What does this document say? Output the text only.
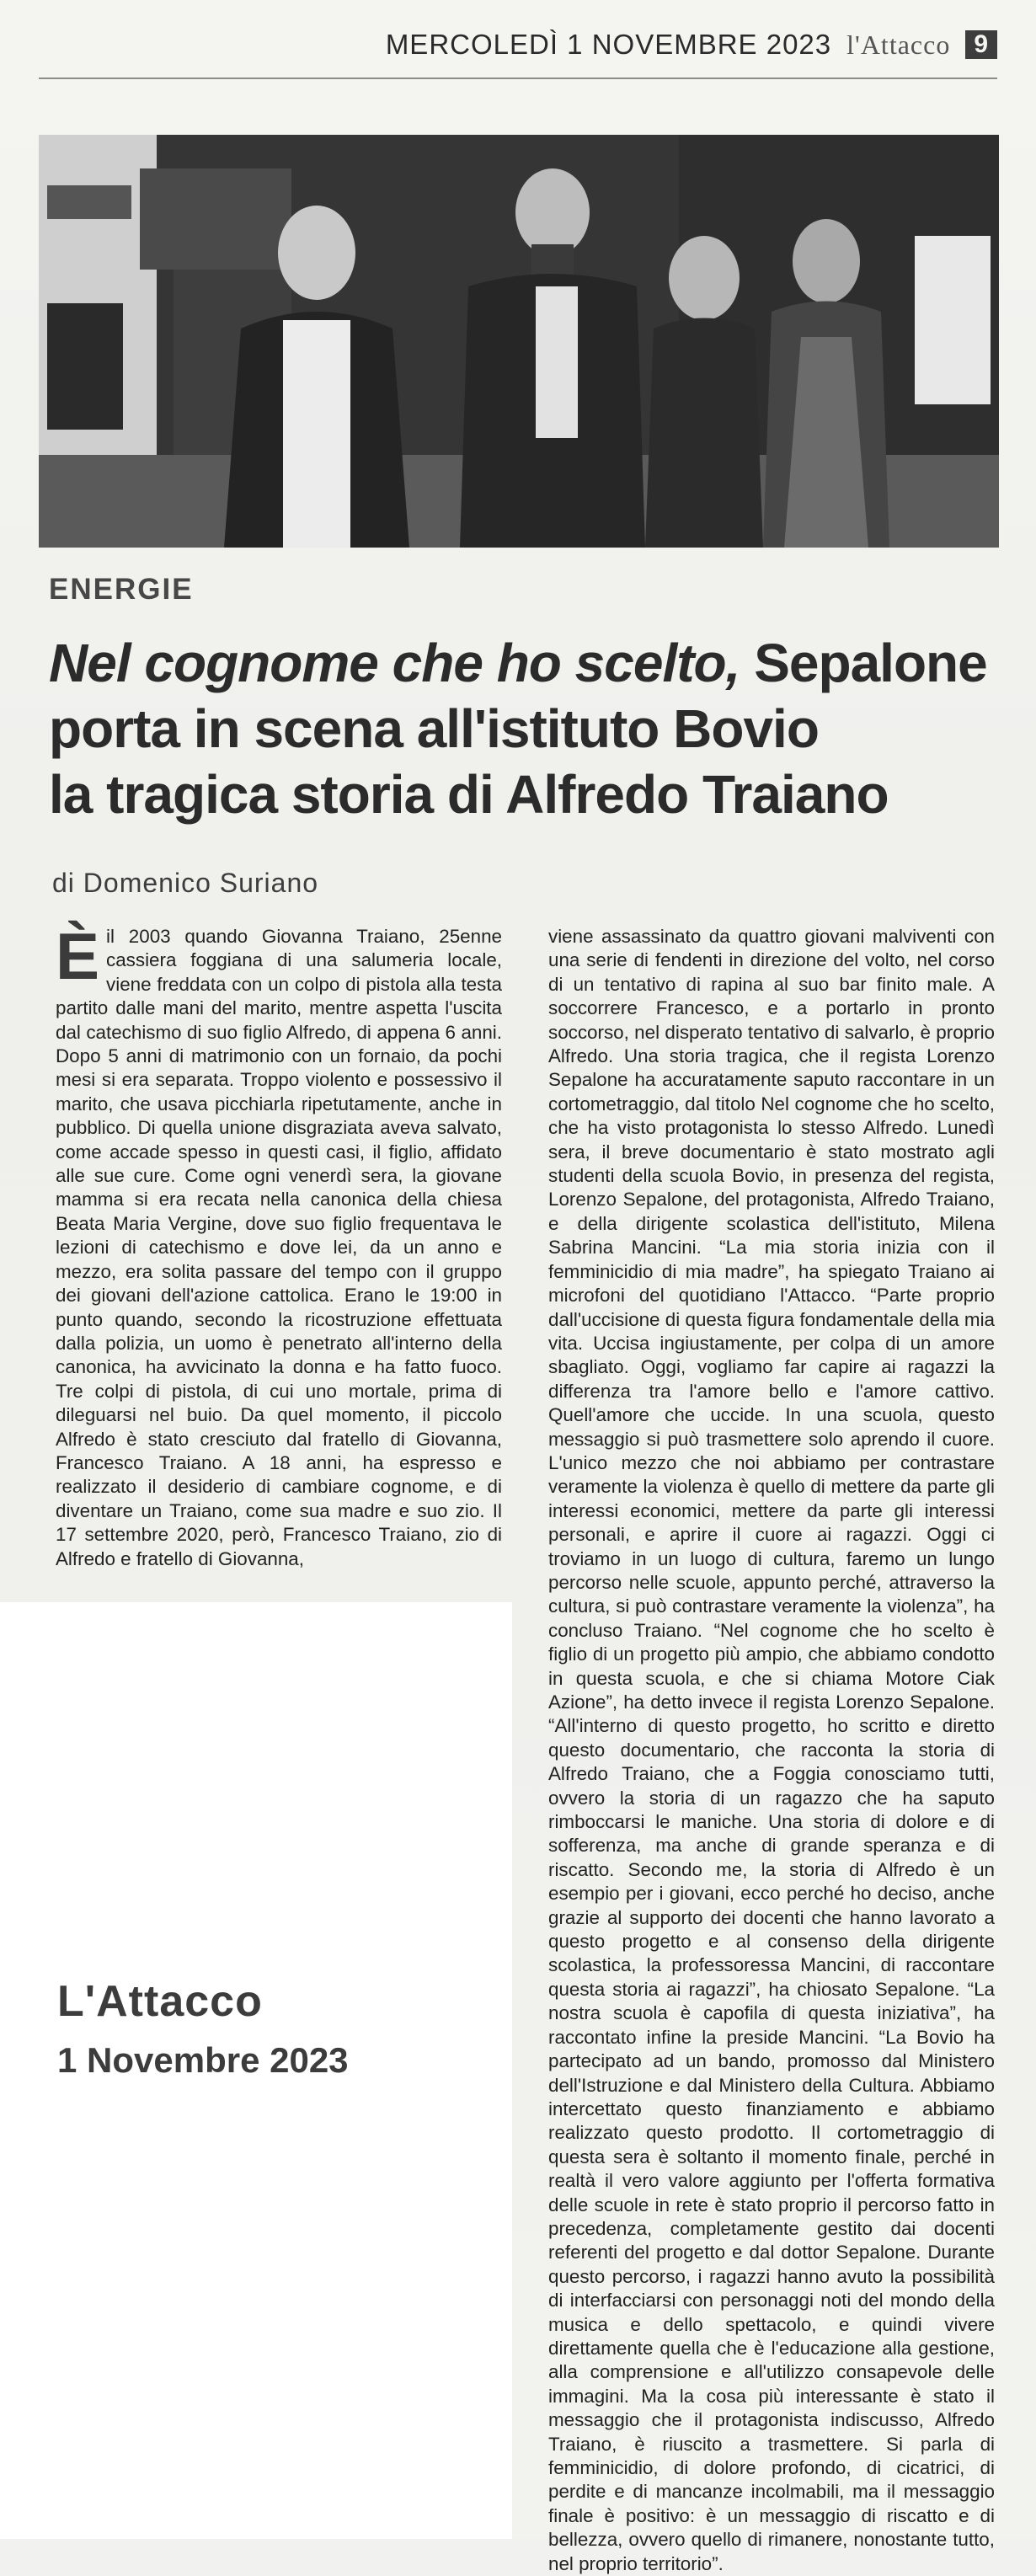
MERCOLEDÌ 1 NOVEMBRE 2023 l'Attacco 9
ENERGIE
Nel cognome che ho scelto, Sepalone
porta in scena all'istituto Bovio
la tragica storia di Alfredo Traiano
di Domenico Suriano
Èil 2003 quando Giovanna Traiano, 25enne cassiera foggiana di una salumeria locale, viene freddata con un colpo di pistola alla testa partito dalle mani del marito, mentre aspetta l'uscita dal catechismo di suo figlio Alfredo, di appena 6 anni. Dopo 5 anni di matrimonio con un fornaio, da pochi mesi si era separata. Troppo violento e possessivo il marito, che usava picchiarla ripetutamente, anche in pubblico. Di quella unione disgraziata aveva salvato, come accade spesso in questi casi, il figlio, affidato alle sue cure. Come ogni venerdì sera, la giovane mamma si era recata nella canonica della chiesa Beata Maria Vergine, dove suo figlio frequentava le lezioni di catechismo e dove lei, da un anno e mezzo, era solita passare del tempo con il gruppo dei giovani dell'azione cattolica. Erano le 19:00 in punto quando, secondo la ricostruzione effettuata dalla polizia, un uomo è penetrato all'interno della canonica, ha avvicinato la donna e ha fatto fuoco. Tre colpi di pistola, di cui uno mortale, prima di dileguarsi nel buio. Da quel momento, il piccolo Alfredo è stato cresciuto dal fratello di Giovanna, Francesco Traiano. A 18 anni, ha espresso e realizzato il desiderio di cambiare cognome, e di diventare un Traiano, come sua madre e suo zio. Il 17 settembre 2020, però, Francesco Traiano, zio di Alfredo e fratello di Giovanna,
viene assassinato da quattro giovani malviventi con una serie di fendenti in direzione del volto, nel corso di un tentativo di rapina al suo bar finito male. A soccorrere Francesco, e a portarlo in pronto soccorso, nel disperato tentativo di salvarlo, è proprio Alfredo. Una storia tragica, che il regista Lorenzo Sepalone ha accuratamente saputo raccontare in un cortometraggio, dal titolo Nel cognome che ho scelto, che ha visto protagonista lo stesso Alfredo. Lunedì sera, il breve documentario è stato mostrato agli studenti della scuola Bovio, in presenza del regista, Lorenzo Sepalone, del protagonista, Alfredo Traiano, e della dirigente scolastica dell'istituto, Milena Sabrina Mancini. “La mia storia inizia con il femminicidio di mia madre”, ha spiegato Traiano ai microfoni del quotidiano l'Attacco. “Parte proprio dall'uccisione di questa figura fondamentale della mia vita. Uccisa ingiustamente, per colpa di un amore sbagliato. Oggi, vogliamo far capire ai ragazzi la differenza tra l'amore bello e l'amore cattivo. Quell'amore che uccide. In una scuola, questo messaggio si può trasmettere solo aprendo il cuore. L'unico mezzo che noi abbiamo per contrastare veramente la violenza è quello di mettere da parte gli interessi economici, mettere da parte gli interessi personali, e aprire il cuore ai ragazzi. Oggi ci troviamo in un luogo di cultura, faremo un lungo percorso nelle scuole, appunto perché, attraverso la cultura, si può contrastare veramente la violenza”, ha concluso Traiano. “Nel cognome che ho scelto è figlio di un progetto più ampio, che abbiamo condotto in questa scuola, e che si chiama Motore Ciak Azione”, ha detto invece il regista Lorenzo Sepalone. “All'interno di questo progetto, ho scritto e diretto questo documentario, che racconta la storia di Alfredo Traiano, che a Foggia conosciamo tutti, ovvero la storia di un ragazzo che ha saputo rimboccarsi le maniche. Una storia di dolore e di sofferenza, ma anche di grande speranza e di riscatto. Secondo me, la storia di Alfredo è un esempio per i giovani, ecco perché ho deciso, anche grazie al supporto dei docenti che hanno lavorato a questo progetto e al consenso della dirigente scolastica, la professoressa Mancini, di raccontare questa storia ai ragazzi”, ha chiosato Sepalone. “La nostra scuola è capofila di questa iniziativa”, ha raccontato infine la preside Mancini. “La Bovio ha partecipato ad un bando, promosso dal Ministero dell'Istruzione e dal Ministero della Cultura. Abbiamo intercettato questo finanziamento e abbiamo realizzato questo prodotto. Il cortometraggio di questa sera è soltanto il momento finale, perché in realtà il vero valore aggiunto per l'offerta formativa delle scuole in rete è stato proprio il percorso fatto in precedenza, completamente gestito dai docenti referenti del progetto e dal dottor Sepalone. Durante questo percorso, i ragazzi hanno avuto la possibilità di interfacciarsi con personaggi noti del mondo della musica e dello spettacolo, e quindi vivere direttamente quella che è l'educazione alla gestione, alla comprensione e all'utilizzo consapevole delle immagini. Ma la cosa più interessante è stato il messaggio che il protagonista indiscusso, Alfredo Traiano, è riuscito a trasmettere. Si parla di femminicidio, di dolore profondo, di cicatrici, di perdite e di mancanze incolmabili, ma il messaggio finale è positivo: è un messaggio di riscatto e di bellezza, ovvero quello di rimanere, nonostante tutto, nel proprio territorio”.
L'Attacco
1 Novembre 2023
